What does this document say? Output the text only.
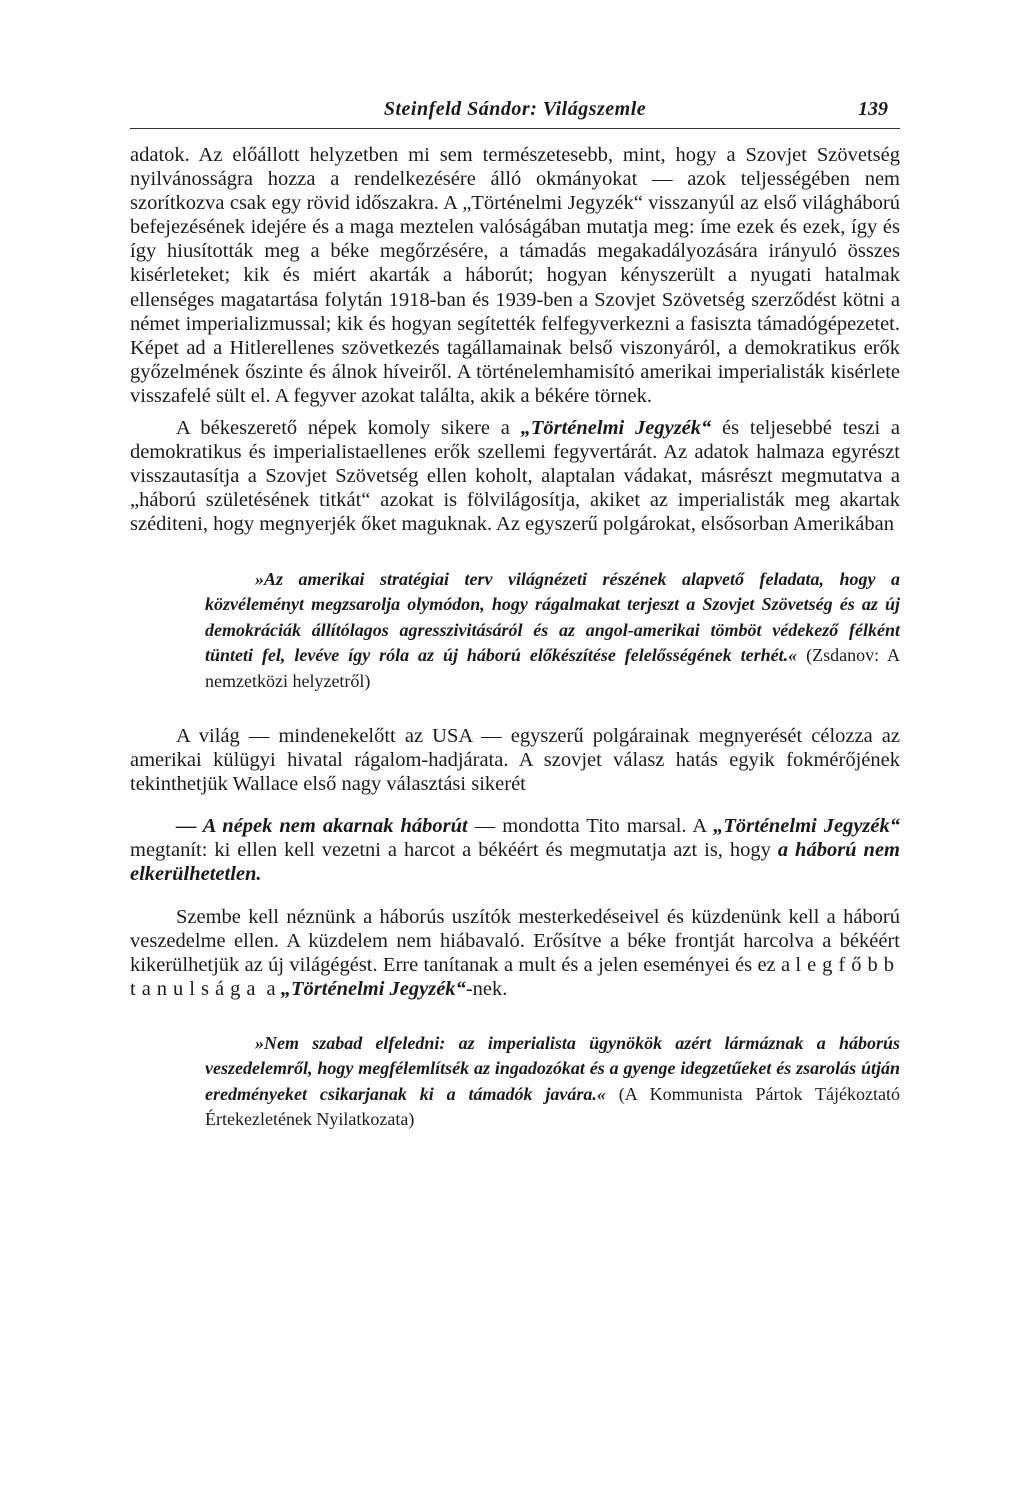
Steinfeld Sándor: Világszemle	139

adatok. Az előállott helyzetben mi sem természetesebb, mint, hogy a Szovjet Szövetség nyilvánosságra hozza a rendelkezésére álló okmányokat — azok teljességében nem szorítkozva csak egy rövid időszakra. A „Történelmi Jegyzék“ visszanyúl az első világháború befejezésének idejére és a maga meztelen valóságában mutatja meg: íme ezek és ezek, így és így hiusították meg a béke megőrzésére, a támadás megakadályozására irányuló összes kisérleteket; kik és miért akarták a háborút; hogyan kényszerült a nyugati hatalmak ellenséges magatartása folytán 1918-ban és 1939-ben a Szovjet Szövetség szerződést kötni a német imperializmussal; kik és hogyan segítették felfegyverkezni a fasiszta támadógépezetet. Képet ad a Hitlerellenes szövetkezés tagállamainak belső viszonyáról, a demokratikus erők győzelmének őszinte és álnok híveiről. A történelemhamisító amerikai imperialisták kisérlete visszafelé sült el. A fegyver azokat találta, akik a békére törnek.

A békeszerető népek komoly sikere a „Történelmi Jegyzék“ és teljesebbé teszi a demokratikus és imperialistaellenes erők szellemi fegyvertárát. Az adatok halmaza egyrészt visszautasítja a Szovjet Szövetség ellen koholt, alaptalan vádakat, másrészt megmutatva a „háború születésének titkát“ azokat is fölvilágosítja, akiket az imperialisták meg akartak széditeni, hogy megnyerjék őket maguknak. Az egyszerű polgárokat, elsősorban Amerikában

»Az amerikai stratégiai terv világnézeti részének alapvető feladata, hogy a közvéleményt megzsarolja olymódon, hogy rágalmakat terjeszt a Szovjet Szövetség és az új demokráciák állítólagos agresszivitásáról és az angol-amerikai tömböt védekező félként tünteti fel, levéve így róla az új háború előkészítése felelősségének terhét.« (Zsdanov: A nemzetközi helyzetről)

A világ — mindenekelőtt az USA — egyszerű polgárainak megnyerését célozza az amerikai külügyi hivatal rágalom-hadjárata. A szovjet válasz hatás egyik fokmérőjének tekinthetjük Wallace első nagy választási sikerét

— A népek nem akarnak háborút — mondotta Tito marsal. A „Történelmi Jegyzék“ megtanít: ki ellen kell vezetni a harcot a békéért és megmutatja azt is, hogy a háború nem elkerülhetetlen.

Szembe kell néznünk a háborús uszítók mesterkedéseivel és küzdenünk kell a háború veszedelme ellen. A küzdelem nem hiábavaló. Erősítve a béke frontját harcolva a békéért kikerülhetjük az új világégést. Erre tanítanak a mult és a jelen eseményei és ez a legfőbb tanulsága a „Történelmi Jegyzék“-nek.

»Nem szabad elfeledni: az imperialista ügynökök azért lármáznak a háborús veszedelemről, hogy megfélemlítsék az ingadozókat és a gyenge idegzetűeket és zsarolás útján eredményeket csikarjanak ki a támadók javára.« (A Kommunista Pártok Tájékoztató Értekezletének Nyilatkozata)
